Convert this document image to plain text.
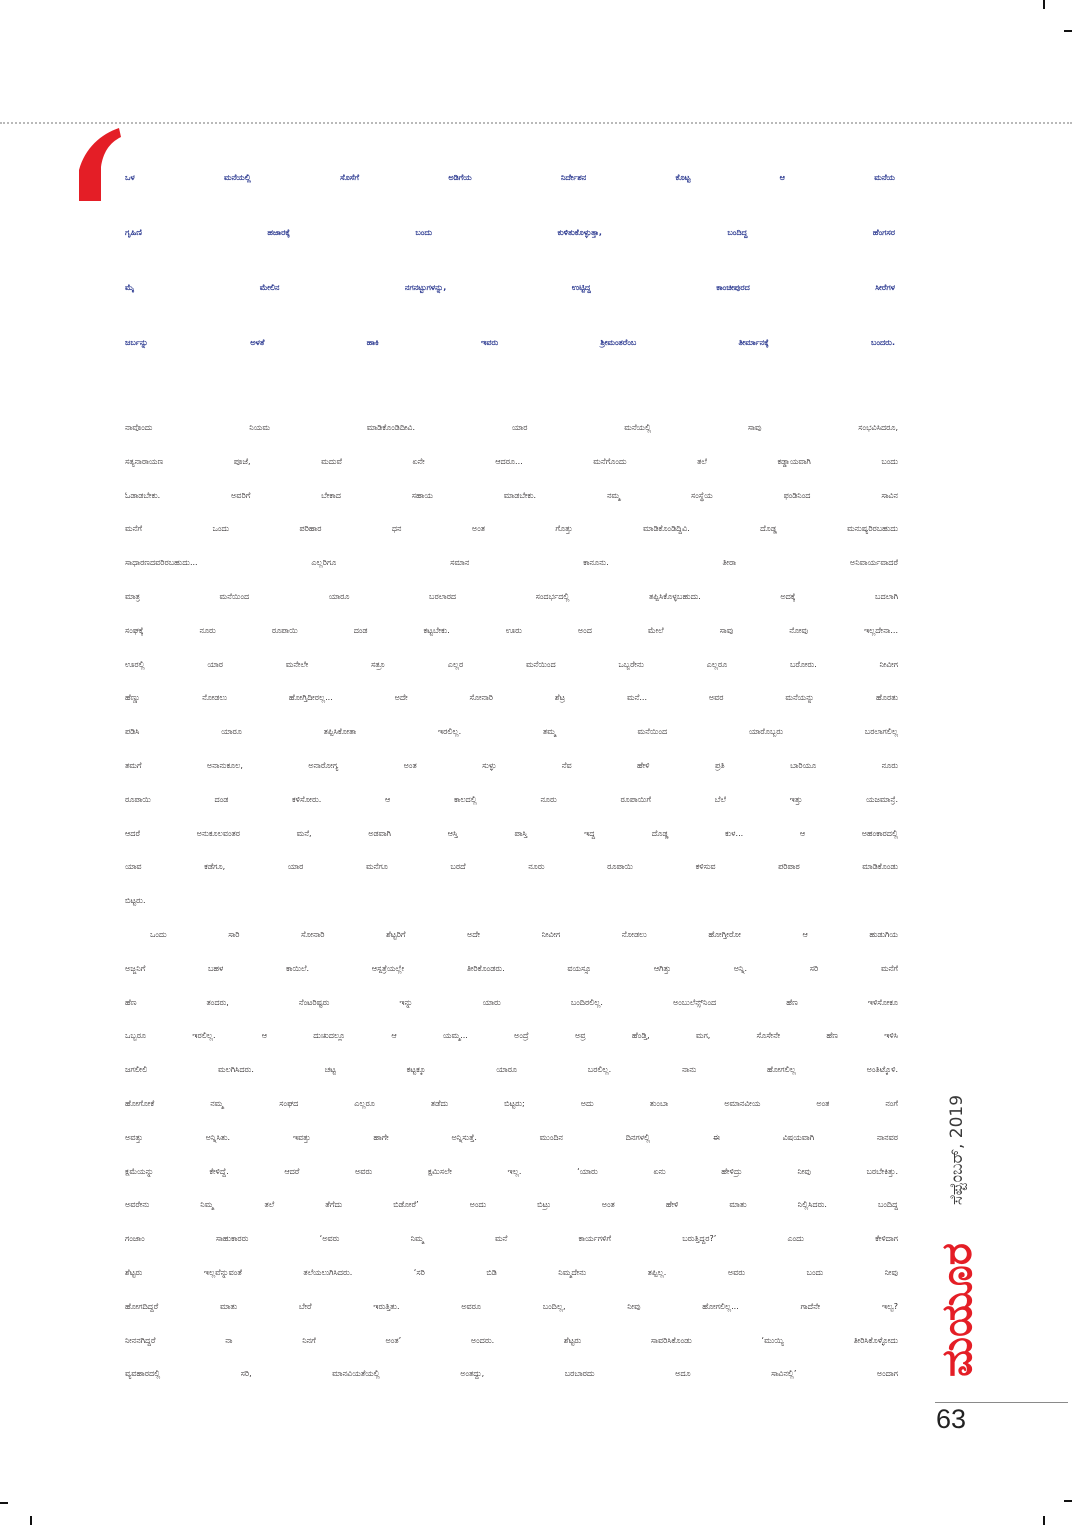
ಒಳ ಮನೆಯಲ್ಲಿ ಸೊಸೆಗೆ ಅಡಿಗೆಯ ನಿರ್ದೇಶನ ಕೊಟ್ಟ ಆ ಮನೆಯ
ಗೃಹಿಣಿ ಹಜಾರಕ್ಕೆ ಬಂದು ಕುಳಿತುಕೊಳ್ಳುತ್ತಾ, ಬಂದಿದ್ದ ಹೆಂಗಸರ
ಮೈ ಮೇಲಿನ ನಗನಟ್ಟುಗಳನ್ನು, ಉಟ್ಟಿದ್ದ ಕಾಂಚೀಪುರದ ಸೀರೆಗಳ
ಜರ್ಬನ್ನು ಅಳತೆ ಹಾಕಿ ಇವರು ಶ್ರೀಮಂತರೆಂಬ ತೀರ್ಮಾನಕ್ಕೆ ಬಂದರು.
ನಾವೊಂದು ನಿಯಮ ಮಾಡಿಕೊಂಡಿದೀವಿ. ಯಾರ ಮನೆಯಲ್ಲಿ ಸಾವು ಸಂಭವಿಸಿದರೂ,
ಸತ್ಯನಾರಾಯಣ ಪೂಜೆ, ಮದುವೆ ಏನೇ ಆದರೂ... ಮನೆಗೊಂದು ತಲೆ ಕಡ್ಡಾಯವಾಗಿ ಬಂದು
ಓಡಾಡಬೇಕು. ಅವರಿಗೆ ಬೇಕಾದ ಸಹಾಯ ಮಾಡಬೇಕು. ನಮ್ಮ ಸಂಸ್ಥೆಯ ಫಂಡಿನಿಂದ ಸಾವಿನ
ಮನೆಗೆ ಒಂದು ಪರಿಹಾರ ಧನ ಅಂತ ಗೊತ್ತು ಮಾಡಿಕೊಂಡಿದ್ದಿವಿ. ದೊಡ್ಡ ಮನುಷ್ಯರಿರಬಹುದು
ಸಾಧಾರಣದವರಿರಬಹುದು... ಎಲ್ಲರಿಗೂ ಸಮಾನ ಕಾನೂನು. ತೀರಾ ಅನಿವಾರ್ಯವಾದರೆ
ಮಾತ್ರ ಮನೆಯಿಂದ ಯಾರೂ ಬರಲಾರದ ಸಂದರ್ಭದಲ್ಲಿ ತಪ್ಪಿಸಿಕೊಳ್ಳಬಹುದು. ಅದಕ್ಕೆ ಬದಲಾಗಿ
ಸಂಘಕ್ಕೆ ನೂರು ರೂಪಾಯಿ ದಂಡ ಕಟ್ಟಬೇಕು. ಊರು ಅಂದ ಮೇಲೆ ಸಾವು ನೋವು ಇಲ್ಲದೇನಾ...
ಊರಲ್ಲಿ ಯಾರ ಮನೇಲೇ ಸತ್ರೂ ಎಲ್ಲರ ಮನೆಯಿಂದ ಒಬ್ಬರೇನು ಎಲ್ಲರೂ ಬರೋರು. ನೀವೀಗ
ಹೆಣ್ಣು ನೋಡಲು ಹೋಗ್ತಿದೀರಲ್ಲ... ಅದೇ ಸೋನಾರಿ ಶೆಟ್ರ ಮನೆ... ಅವರ ಮನೆಯನ್ನು ಹೊರತು
ಪಡಿಸಿ ಯಾರೂ ತಪ್ಪಿಸಿಕೋತಾ ಇರಲಿಲ್ಲ. ತಮ್ಮ ಮನೆಯಿಂದ ಯಾರೊಬ್ಬರು ಬರಲಾಗಲಿಲ್ಲ
ತಮಗೆ ಅನಾನುಕೂಲ, ಅನಾರೋಗ್ಯ ಅಂತ ಸುಳ್ಳು ನೆವ ಹೇಳಿ ಪ್ರತಿ ಬಾರಿಯೂ ನೂರು
ರೂಪಾಯಿ ದಂಡ ಕಳಿಸೋರು. ಆ ಕಾಲದಲ್ಲಿ ನೂರು ರೂಪಾಯಿಗೆ ಬೆಲೆ ಇತ್ತು ಯಜಮಾನ್ರೆ.
ಆದರೆ ಅನುಕೂಲವಂತರ ಮನೆ, ಅಡವಾಗಿ ಆಸ್ತಿ ಪಾಸ್ತಿ ಇದ್ದ ದೊಡ್ಡ ಕುಳ... ಆ ಅಹಂಕಾರದಲ್ಲಿ
ಯಾವ ಕಡೆಗೂ, ಯಾರ ಮನೆಗೂ ಬರದೆ ನೂರು ರೂಪಾಯಿ ಕಳಿಸುವ ಪರಿಪಾಠ ಮಾಡಿಕೊಂಡು
ಬಿಟ್ಟರು.
ಒಂದು ಸಾರಿ ಸೋನಾರಿ ಶೆಟ್ಟರಿಗೆ ಅದೇ ನೀವೀಗ ನೋಡಲು ಹೋಗ್ತೀರೋ ಆ ಹುಡುಗಿಯ
ಅಜ್ಜನಿಗೆ ಬಹಳ ಕಾಯಿಲೆ. ಆಸ್ಪತ್ರೆಯಲ್ಲೇ ತೀರಿಕೊಂಡರು. ವಯಸ್ಸೂ ಆಗಿತ್ತು ಅನ್ನಿ. ಸರಿ ಮನೆಗೆ
ಹೆಣ ತಂದರು, ನೆಂಟರಿಷ್ಟರು ಇನ್ನು ಯಾರು ಬಂದಿರಲಿಲ್ಲ. ಅಂಬುಲೆನ್ಸ್‌ನಿಂದ ಹೆಣ ಇಳಿಸೋಕೂ
ಒಬ್ಬರೂ ಇರಲಿಲ್ಲ. ಆ ದುಃಖದಲ್ಲೂ ಆ ಯಮ್ಮ... ಅಂದ್ರೆ ಅವ್ರ ಹೆಂಡ್ತಿ, ಮಗ, ಸೊಸೇನೇ ಹೆಣ ಇಳಿಸಿ
ಜಗಲೀಲಿ ಮಲಗಿಸಿದರು. ಚಟ್ಟ ಕಟ್ಟಕ್ಕೂ ಯಾರೂ ಬರಲಿಲ್ಲ. ನಾನು ಹೋಗಲಿಲ್ಲ ಅಂತಿಟ್ಕೊಳಿ.
ಹೋಗೋಕೆ ನಮ್ಮ ಸಂಘದ ಎಲ್ಲರೂ ತಡೆದು ಬಿಟ್ಟರು; ಅದು ತುಂಬಾ ಅಮಾನವೀಯ ಅಂತ ನಂಗೆ
ಅವತ್ತು ಅನ್ನಿಸಿತು. ಇವತ್ತು ಹಾಗೇ ಅನ್ನಿಸುತ್ತೆ. ಮುಂದಿನ ದಿನಗಳಲ್ಲಿ ಈ ವಿಷಯವಾಗಿ ನಾನವರ
ಕ್ಷಮೆಯನ್ನು ಕೇಳಿದ್ದೆ. ಆದರೆ ಅವರು ಕ್ಷಮಿಸಲೇ ಇಲ್ಲ. ‘ಯಾರು ಏನು ಹೇಳಿದ್ರು ನೀವು ಬರಬೇಕಿತ್ತು.
ಅವರೇನು ನಿಮ್ಮ ತಲೆ ತೆಗೆದು ಬಿಡೋರೆ’ ಅಂದು ಬಿಟ್ರು ಅಂತ ಹೇಳಿ ಮಾತು ನಿಲ್ಲಿಸಿದರು. ಬಂದಿದ್ದ
ಗಂಜಾಂ ಸಾಹುಕಾರರು ‘ಅವರು ನಿಮ್ಮ ಮನೆ ಕಾರ್ಯಗಳಿಗೆ ಬರುತ್ತಿದ್ದರ?’ ಎಂದು ಕೇಳಿದಾಗ
ಶೆಟ್ಟರು ಇಲ್ಲವೆನ್ನುವಂತೆ ತಲೆಯಲುಗಿಸಿದರು. ‘ಸರಿ ಬಿಡಿ ನಿಮ್ಮದೇನು ತಪ್ಪಿಲ್ಲ. ಅವರು ಬಂದು ನೀವು
ಹೋಗದಿದ್ದರೆ ಮಾತು ಬೇರೆ ಇರುತ್ತಿತು. ಅವರೂ ಬಂದಿಲ್ಲ, ನೀವು ಹೋಗಲಿಲ್ಲ... ಗಾದೆನೇ ಇಲ್ವ?
ನೀನನಗಿದ್ದರೆ ನಾ ನಿನಗೆ ಅಂತ’ ಅಂದರು. ಶೆಟ್ಟರು ಸಾವರಿಸಿಕೊಂಡು ‘ಮುಯ್ಯಿ ತೀರಿಸಿಕೊಳ್ಳೋದು
ವ್ಯವಹಾರದಲ್ಲಿ ಸರಿ, ಮಾನವಿಯತೆಯಲ್ಲಿ ಅಂತದ್ದು, ಬರಬಾರದು ಅದೂ ಸಾವಿನಲ್ಲಿ’ ಅಂದಾಗ
ಸೆಪ್ಟೆಂಬರ್, 2019
ಮಯೂರ
63
